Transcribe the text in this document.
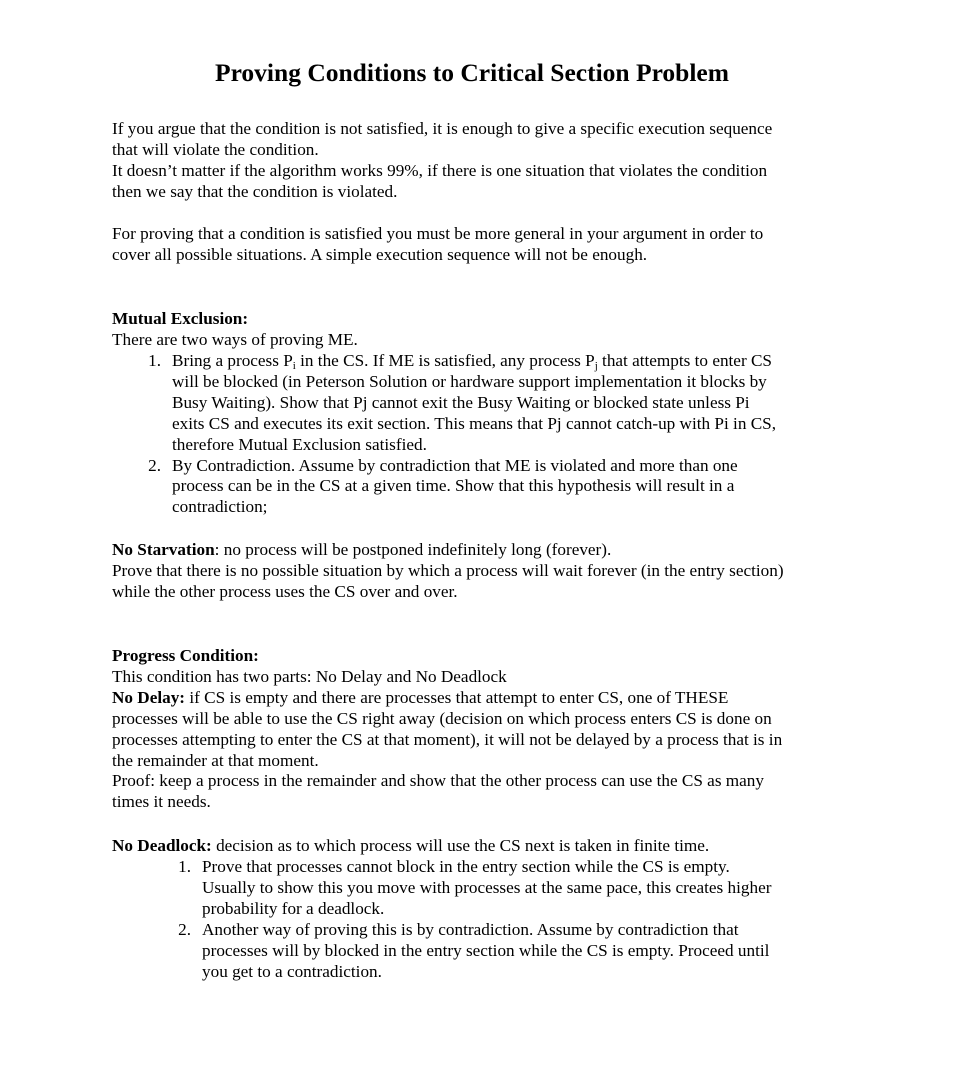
Proving Conditions to Critical Section Problem
If you argue that the condition is not satisfied, it is enough to give a specific execution sequence
that will violate the condition.
It doesn’t matter if the algorithm works 99%, if there is one situation that violates the condition
then we say that the condition is violated.
For proving that a condition is satisfied you must be more general in your argument in order to
cover all possible situations. A simple execution sequence will not be enough.
Mutual Exclusion:
There are two ways of proving ME.
1. Bring a process $P_i$ in the CS. If ME is satisfied, any process $P_j$ that attempts to enter CS
will be blocked (in Peterson Solution or hardware support implementation it blocks by
Busy Waiting). Show that Pj cannot exit the Busy Waiting or blocked state unless Pi
exits CS and executes its exit section. This means that Pj cannot catch-up with Pi in CS,
therefore Mutual Exclusion satisfied.
2. By Contradiction. Assume by contradiction that ME is violated and more than one
process can be in the CS at a given time. Show that this hypothesis will result in a
contradiction;
No Starvation: no process will be postponed indefinitely long (forever).
Prove that there is no possible situation by which a process will wait forever (in the entry section)
while the other process uses the CS over and over.
Progress Condition:
This condition has two parts: No Delay and No Deadlock
No Delay: if CS is empty and there are processes that attempt to enter CS, one of THESE
processes will be able to use the CS right away (decision on which process enters CS is done on
processes attempting to enter the CS at that moment), it will not be delayed by a process that is in
the remainder at that moment.
Proof: keep a process in the remainder and show that the other process can use the CS as many
times it needs.
No Deadlock: decision as to which process will use the CS next is taken in finite time.
1. Prove that processes cannot block in the entry section while the CS is empty.
Usually to show this you move with processes at the same pace, this creates higher
probability for a deadlock.
2. Another way of proving this is by contradiction. Assume by contradiction that
processes will by blocked in the entry section while the CS is empty. Proceed until
you get to a contradiction.
